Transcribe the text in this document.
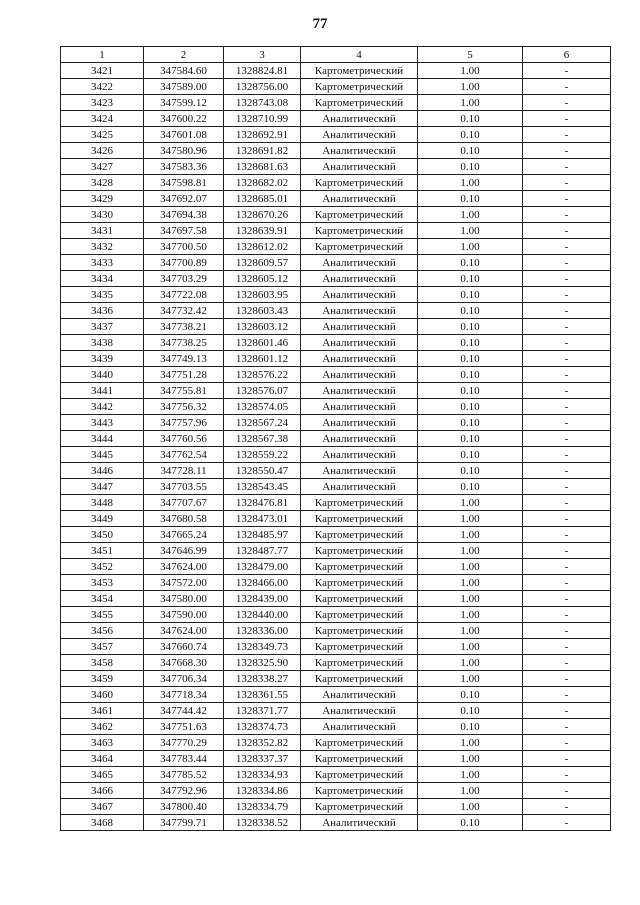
77
1	2	3	4	5	6
3421	347584.60	1328824.81	Картометрический	1.00	-
3422	347589.00	1328756.00	Картометрический	1.00	-
3423	347599.12	1328743.08	Картометрический	1.00	-
3424	347600.22	1328710.99	Аналитический	0.10	-
3425	347601.08	1328692.91	Аналитический	0.10	-
3426	347580.96	1328691.82	Аналитический	0.10	-
3427	347583.36	1328681.63	Аналитический	0.10	-
3428	347598.81	1328682.02	Картометрический	1.00	-
3429	347692.07	1328685.01	Аналитический	0.10	-
3430	347694.38	1328670.26	Картометрический	1.00	-
3431	347697.58	1328639.91	Картометрический	1.00	-
3432	347700.50	1328612.02	Картометрический	1.00	-
3433	347700.89	1328609.57	Аналитический	0.10	-
3434	347703.29	1328605.12	Аналитический	0.10	-
3435	347722.08	1328603.95	Аналитический	0.10	-
3436	347732.42	1328603.43	Аналитический	0.10	-
3437	347738.21	1328603.12	Аналитический	0.10	-
3438	347738.25	1328601.46	Аналитический	0.10	-
3439	347749.13	1328601.12	Аналитический	0.10	-
3440	347751.28	1328576.22	Аналитический	0.10	-
3441	347755.81	1328576.07	Аналитический	0.10	-
3442	347756.32	1328574.05	Аналитический	0.10	-
3443	347757.96	1328567.24	Аналитический	0.10	-
3444	347760.56	1328567.38	Аналитический	0.10	-
3445	347762.54	1328559.22	Аналитический	0.10	-
3446	347728.11	1328550.47	Аналитический	0.10	-
3447	347703.55	1328543.45	Аналитический	0.10	-
3448	347707.67	1328476.81	Картометрический	1.00	-
3449	347680.58	1328473.01	Картометрический	1.00	-
3450	347665.24	1328485.97	Картометрический	1.00	-
3451	347646.99	1328487.77	Картометрический	1.00	-
3452	347624.00	1328479.00	Картометрический	1.00	-
3453	347572.00	1328466.00	Картометрический	1.00	-
3454	347580.00	1328439.00	Картометрический	1.00	-
3455	347590.00	1328440.00	Картометрический	1.00	-
3456	347624.00	1328336.00	Картометрический	1.00	-
3457	347660.74	1328349.73	Картометрический	1.00	-
3458	347668.30	1328325.90	Картометрический	1.00	-
3459	347706.34	1328338.27	Картометрический	1.00	-
3460	347718.34	1328361.55	Аналитический	0.10	-
3461	347744.42	1328371.77	Аналитический	0.10	-
3462	347751.63	1328374.73	Аналитический	0.10	-
3463	347770.29	1328352.82	Картометрический	1.00	-
3464	347783.44	1328337.37	Картометрический	1.00	-
3465	347785.52	1328334.93	Картометрический	1.00	-
3466	347792.96	1328334.86	Картометрический	1.00	-
3467	347800.40	1328334.79	Картометрический	1.00	-
3468	347799.71	1328338.52	Аналитический	0.10	-
